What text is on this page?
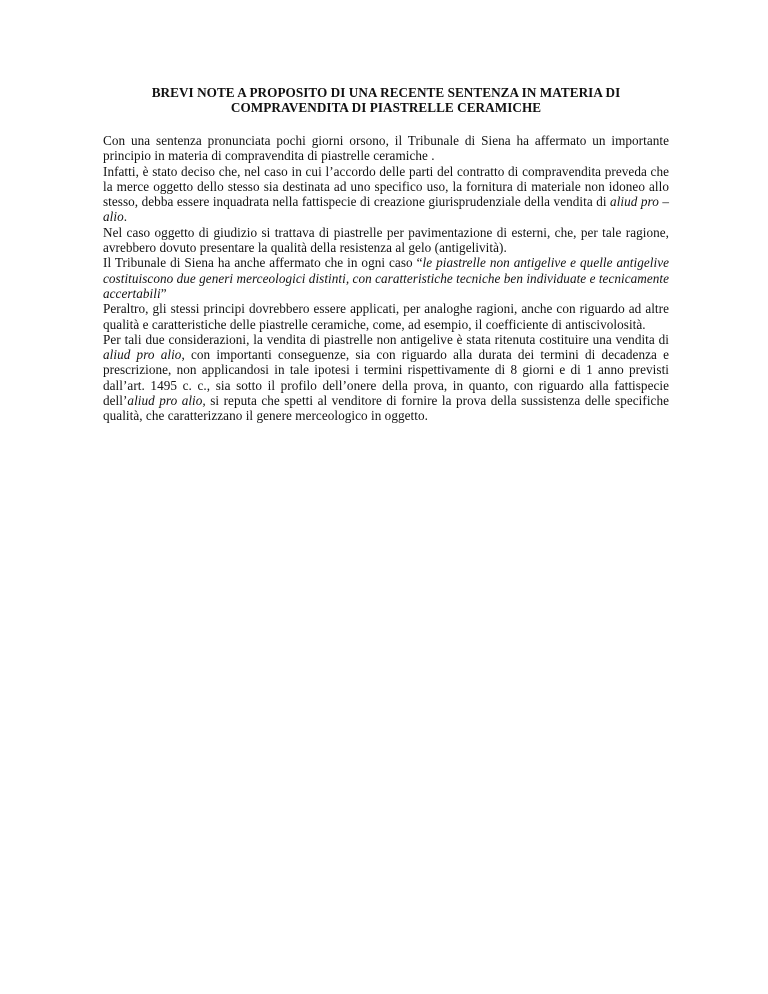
BREVI NOTE A PROPOSITO DI UNA RECENTE SENTENZA IN MATERIA DI
COMPRAVENDITA DI PIASTRELLE CERAMICHE

Con una sentenza pronunciata pochi giorni orsono, il Tribunale di Siena ha affermato un importante principio in materia di compravendita di piastrelle ceramiche .

Infatti, è stato deciso che, nel caso in cui l’accordo delle parti del contratto di compravendita preveda che la merce oggetto dello stesso sia destinata ad uno specifico uso, la fornitura di materiale non idoneo allo stesso, debba essere inquadrata nella fattispecie di creazione giurisprudenziale della vendita di aliud pro – alio.

Nel caso oggetto di giudizio si trattava di piastrelle per pavimentazione di esterni, che, per tale ragione, avrebbero dovuto presentare la qualità della resistenza al gelo (antigelività).

Il Tribunale di Siena ha anche affermato che in ogni caso “le piastrelle non antigelive e quelle antigelive costituiscono due generi merceologici distinti, con caratteristiche tecniche ben individuate e tecnicamente accertabili”

Peraltro, gli stessi principi dovrebbero essere applicati, per analoghe ragioni, anche con riguardo ad altre qualità e caratteristiche delle piastrelle ceramiche, come, ad esempio, il coefficiente di antiscivolosità.

Per tali due considerazioni, la vendita di piastrelle non antigelive è stata ritenuta costituire una vendita di aliud pro alio, con importanti conseguenze, sia con riguardo alla durata dei termini di decadenza e prescrizione, non applicandosi in tale ipotesi i termini rispettivamente di 8 giorni e di 1 anno previsti dall’art. 1495 c. c., sia sotto il profilo dell’onere della prova, in quanto, con riguardo alla fattispecie dell’aliud pro alio, si reputa che spetti al venditore di fornire la prova della sussistenza delle specifiche qualità, che caratterizzano il genere merceologico in oggetto.
